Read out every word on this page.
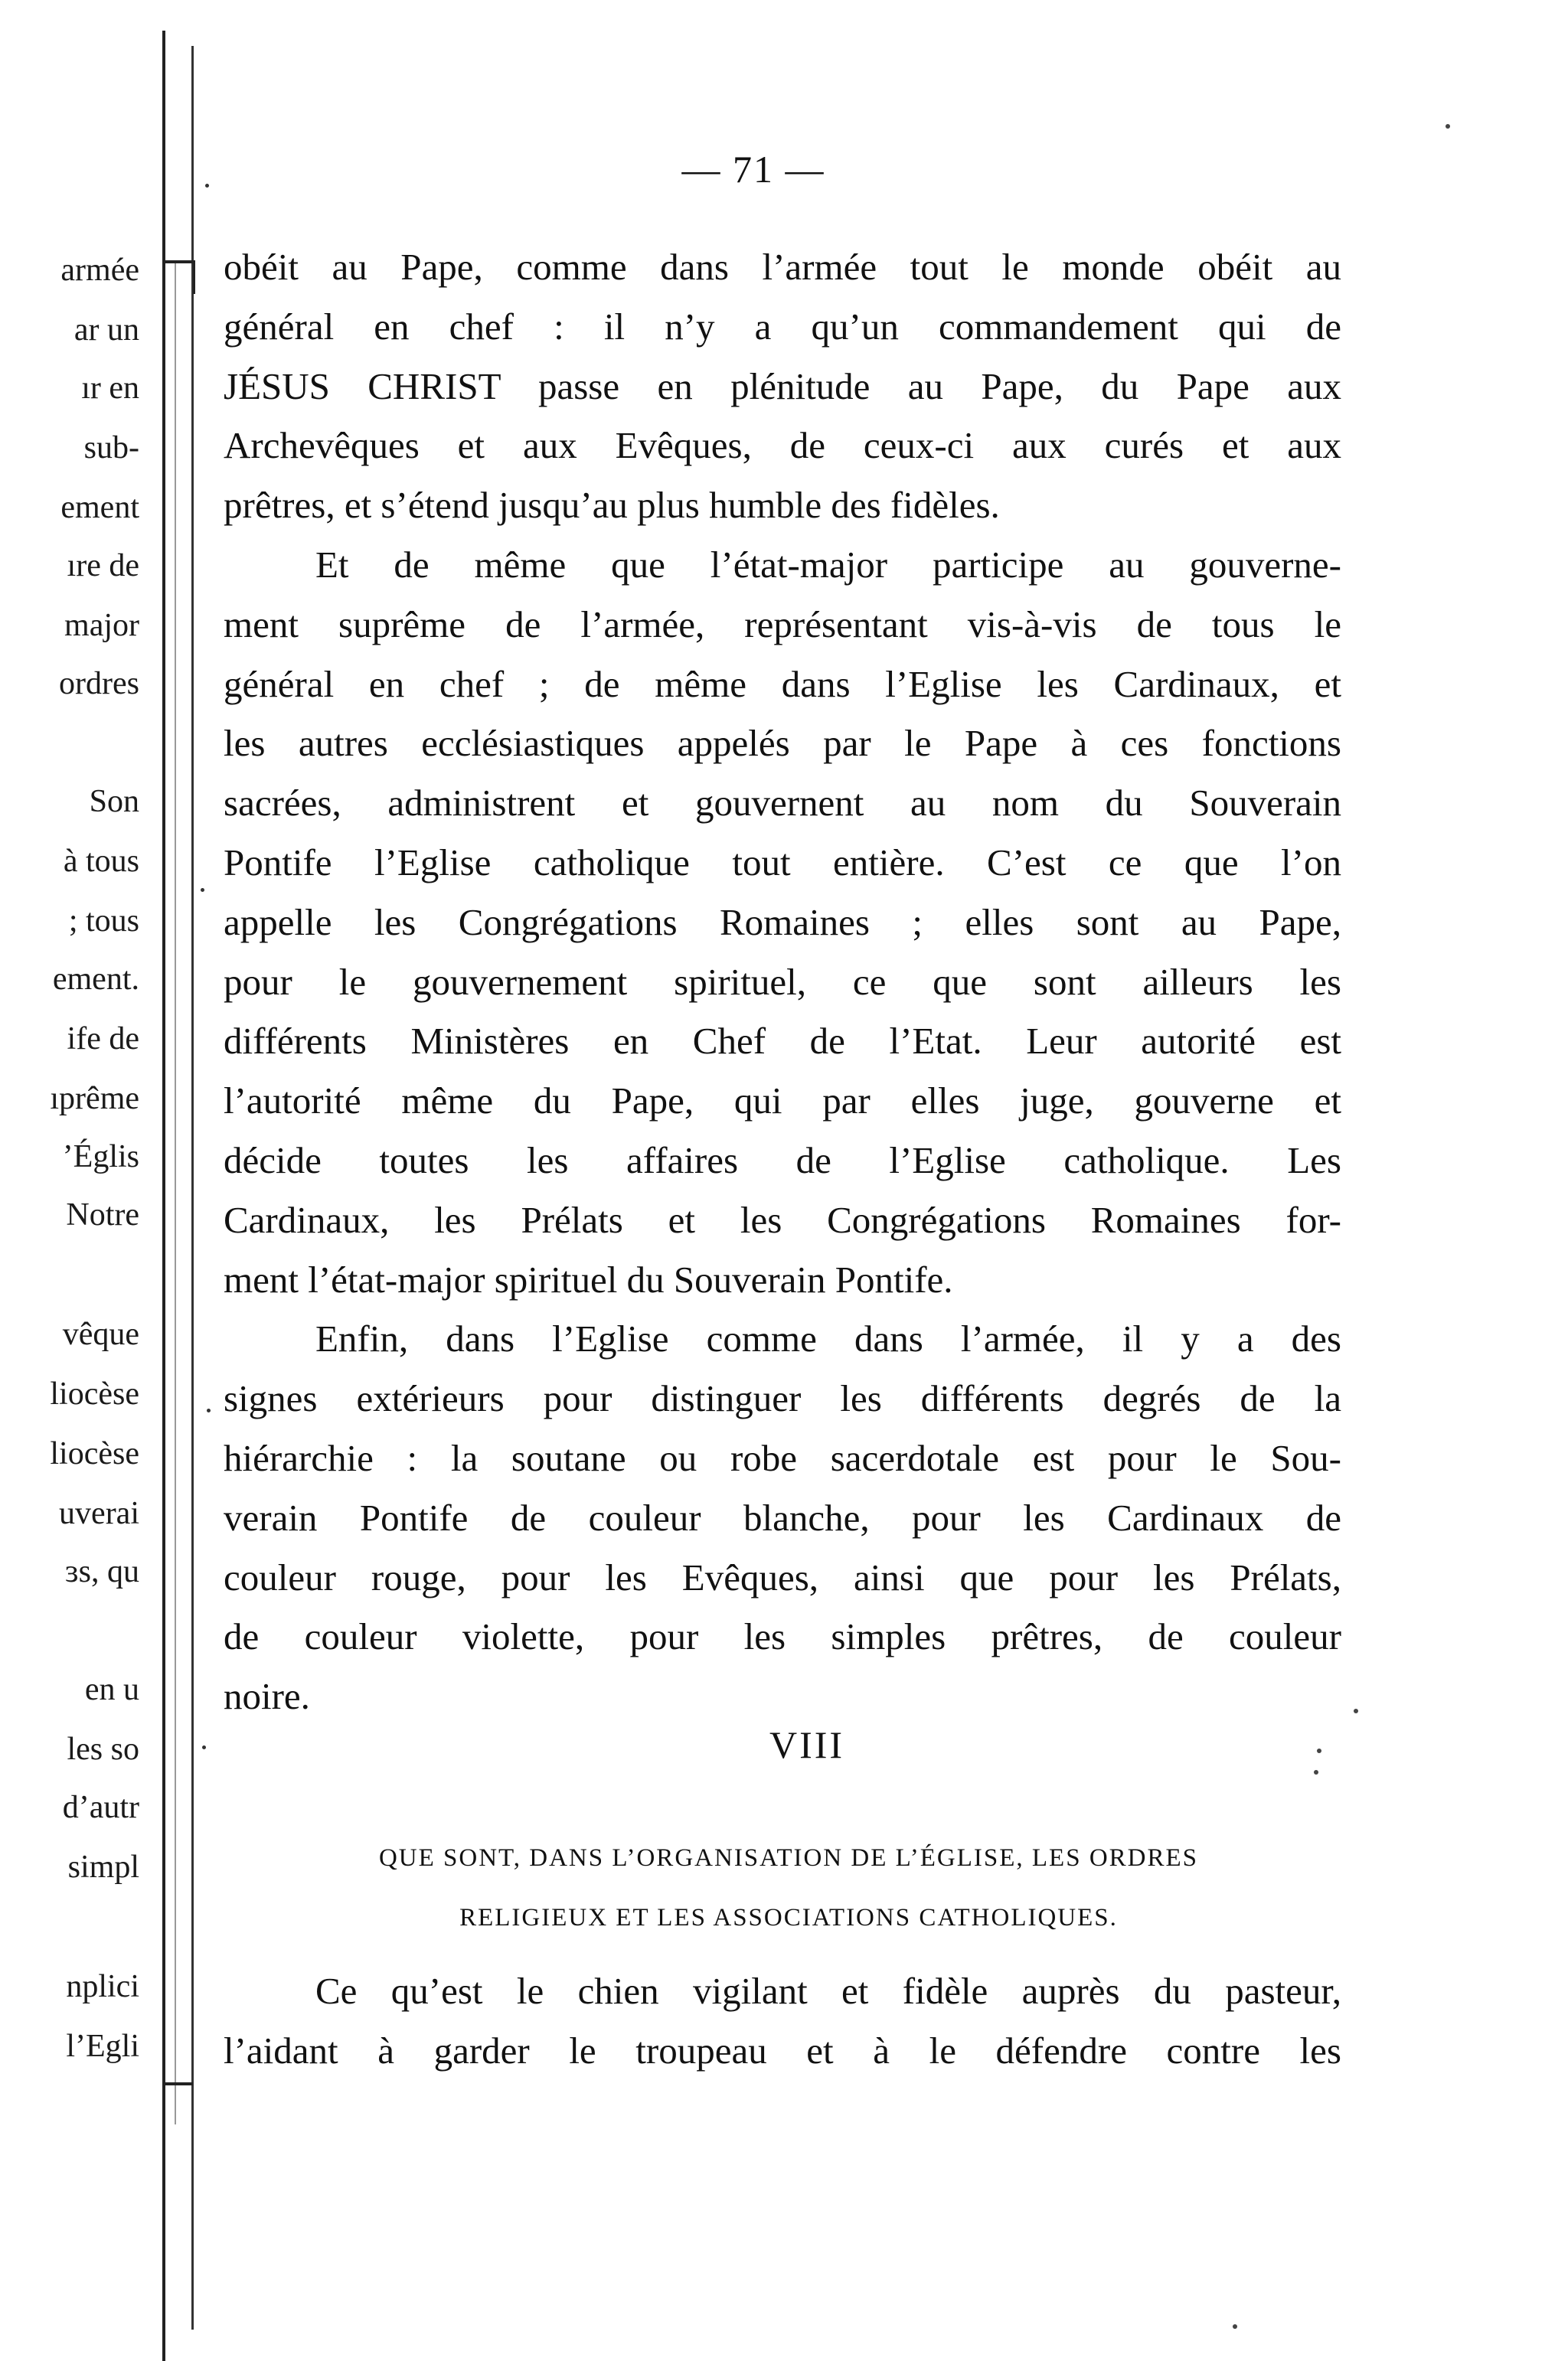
armée
ar un
ır en
sub-
ement
ıre de
major
ordres
Son
à tous
; tous
ement.
ife de
ıprême
’Églis
Notre
vêque
liocèse
liocèse
uverai
ɜs, qu
en u
les so
d’autr
simpl
nplici
l’Egli
— 71 —

obéit au Pape, comme dans l’armée tout le monde obéit au
général en chef : il n’y a qu’un commandement qui de
JÉSUS CHRIST passe en plénitude au Pape, du Pape aux
Archevêques et aux Evêques, de ceux-ci aux curés et aux
prêtres, et s’étend jusqu’au plus humble des fidèles.

Et de même que l’état-major participe au gouverne-
ment suprême de l’armée, représentant vis-à-vis de tous le
général en chef ; de même dans l’Eglise les Cardinaux, et
les autres ecclésiastiques appelés par le Pape à ces fonctions
sacrées, administrent et gouvernent au nom du Souverain
Pontife l’Eglise catholique tout entière. C’est ce que l’on
appelle les Congrégations Romaines ; elles sont au Pape,
pour le gouvernement spirituel, ce que sont ailleurs les
différents Ministères en Chef de l’Etat. Leur autorité est
l’autorité même du Pape, qui par elles juge, gouverne et
décide toutes les affaires de l’Eglise catholique. Les
Cardinaux, les Prélats et les Congrégations Romaines for-
ment l’état-major spirituel du Souverain Pontife.

Enfin, dans l’Eglise comme dans l’armée, il y a des
signes extérieurs pour distinguer les différents degrés de la
hiérarchie : la soutane ou robe sacerdotale est pour le Sou-
verain Pontife de couleur blanche, pour les Cardinaux de
couleur rouge, pour les Evêques, ainsi que pour les Prélats,
de couleur violette, pour les simples prêtres, de couleur
noire.

VIII
QUE SONT, DANS L’ORGANISATION DE L’ÉGLISE, LES ORDRES
RELIGIEUX ET LES ASSOCIATIONS CATHOLIQUES.

Ce qu’est le chien vigilant et fidèle auprès du pasteur,
l’aidant à garder le troupeau et à le défendre contre les
